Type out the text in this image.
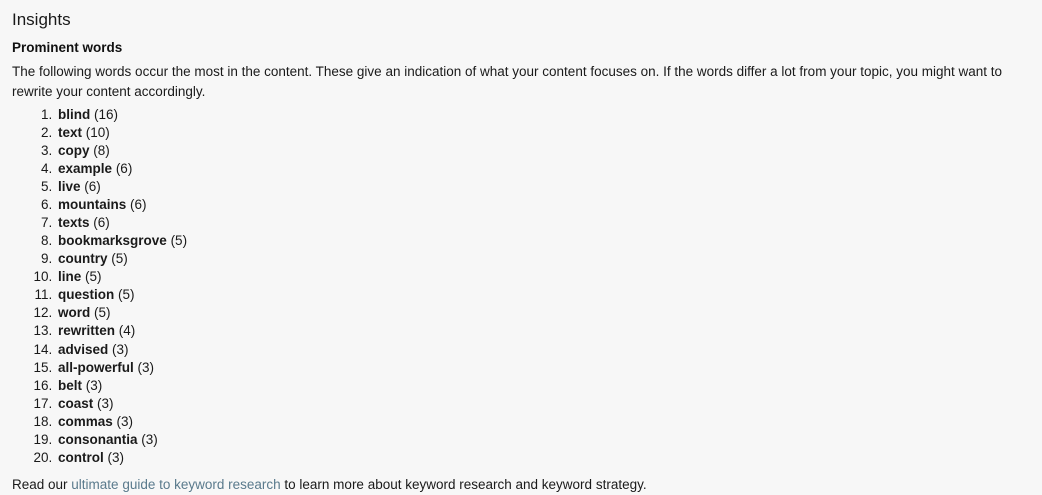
Insights
Prominent words

The following words occur the most in the content. These give an indication of what your content focuses on. If the words differ a lot from your topic, you might want to rewrite your content accordingly.

1. blind (16)
2. text (10)
3. copy (8)
4. example (6)
5. live (6)
6. mountains (6)
7. texts (6)
8. bookmarksgrove (5)
9. country (5)
10. line (5)
11. question (5)
12. word (5)
13. rewritten (4)
14. advised (3)
15. all-powerful (3)
16. belt (3)
17. coast (3)
18. commas (3)
19. consonantia (3)
20. control (3)
Read our ultimate guide to keyword research to learn more about keyword research and keyword strategy.
